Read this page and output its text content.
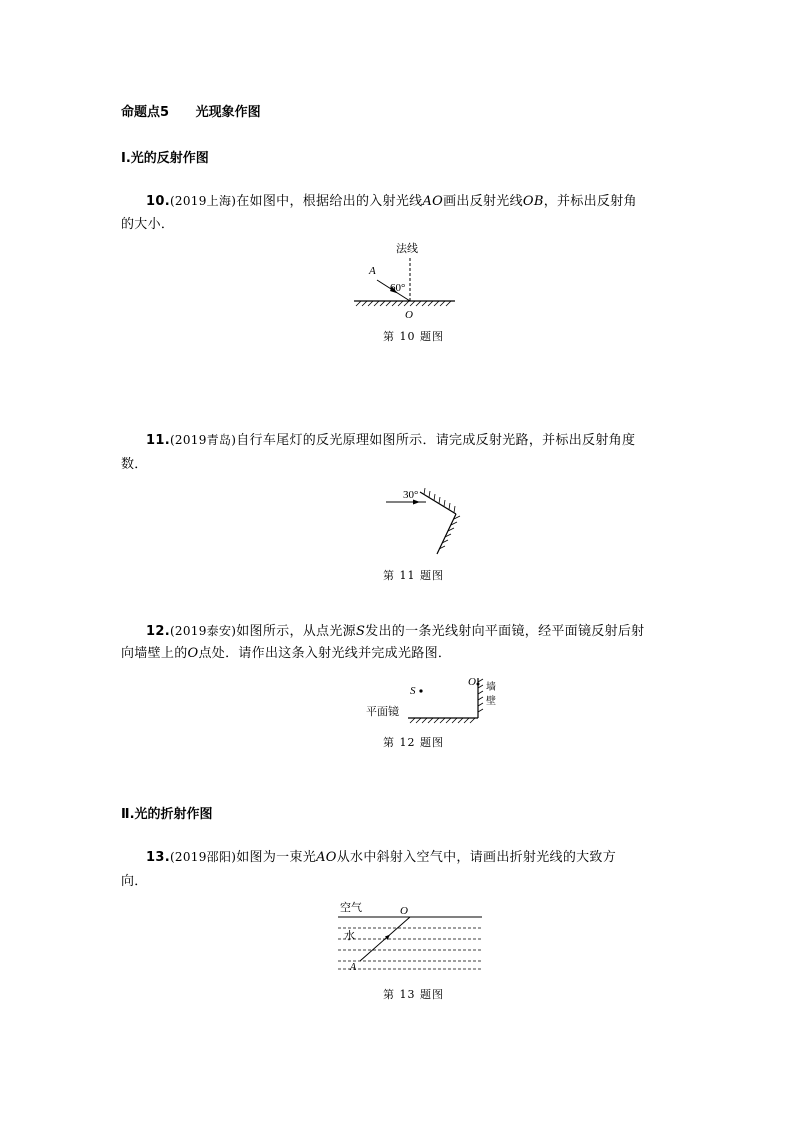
命题点5 光现象作图
Ⅰ.光的反射作图
10.(2019上海)在如图中，根据给出的入射光线AO画出反射光线OB，并标出反射角
的大小．
法线
A
60°
O
第 10 题图
11.(2019青岛)自行车尾灯的反光原理如图所示．请完成反射光路，并标出反射角度
数．
30°
第 11 题图
12.(2019泰安)如图所示，从点光源S发出的一条光线射向平面镜，经平面镜反射后射
向墙壁上的O点处．请作出这条入射光线并完成光路图．
S
O 墙
壁
平面镜
第 12 题图
Ⅱ.光的折射作图
13.(2019邵阳)如图为一束光AO从水中斜射入空气中，请画出折射光线的大致方
向．
空气	O
水
A
第 13 题图
